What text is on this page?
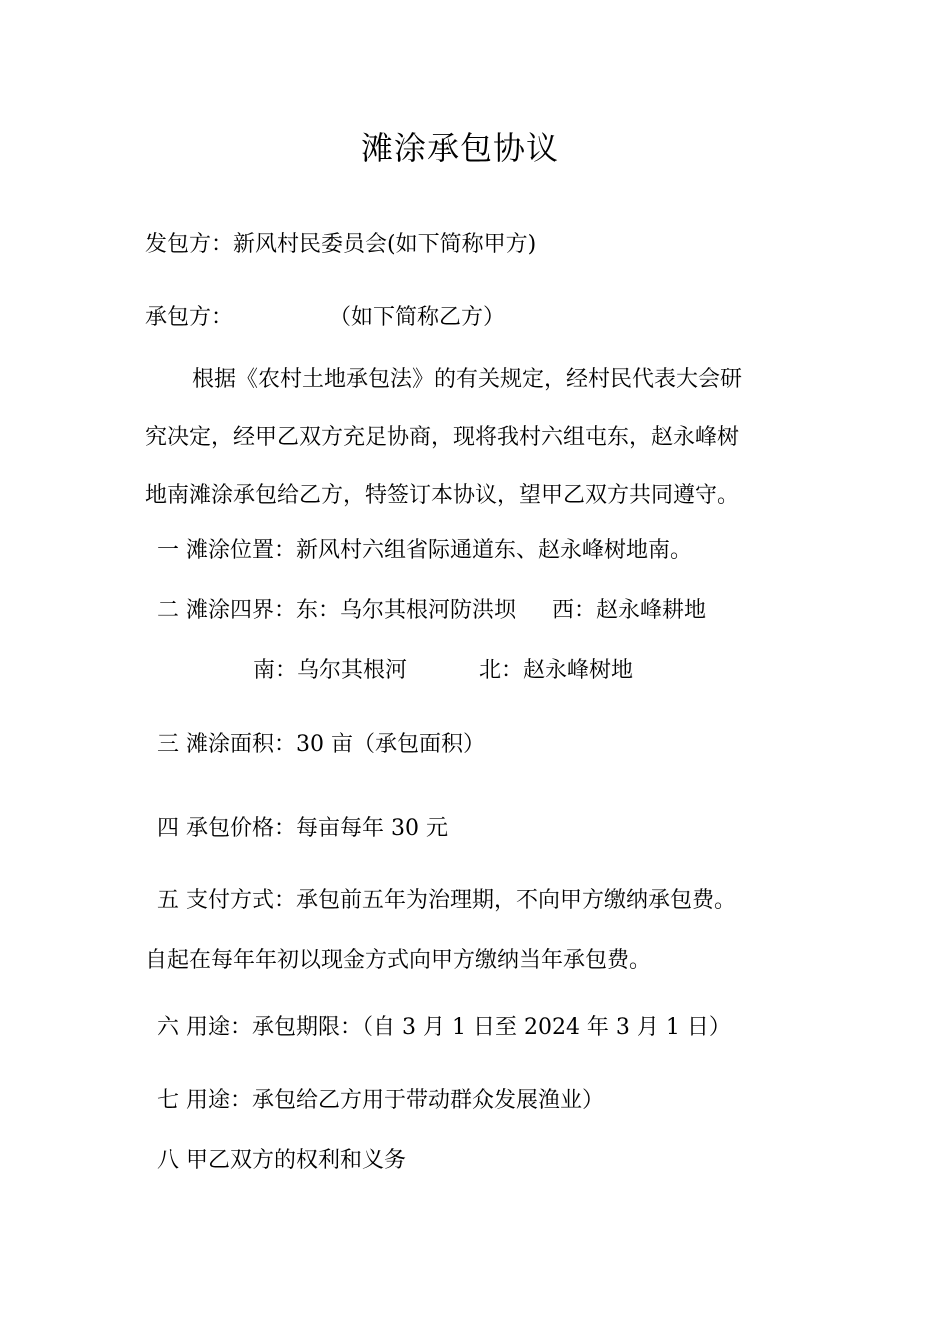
滩涂承包协议
发包方：新风村民委员会(如下简称甲方)
承包方：	（如下简称乙方）
根据《农村土地承包法》的有关规定，经村民代表大会研
究决定，经甲乙双方充足协商，现将我村六组屯东，赵永峰树
地南滩涂承包给乙方，特签订本协议，望甲乙双方共同遵守。
一 滩涂位置：新风村六组省际通道东、赵永峰树地南。
二 滩涂四界：东：乌尔其根河防洪坝 西：赵永峰耕地
南：乌尔其根河	北：赵永峰树地
三 滩涂面积：30 亩（承包面积）
四 承包价格：每亩每年 30 元
五 支付方式：承包前五年为治理期，不向甲方缴纳承包费。
自起在每年年初以现金方式向甲方缴纳当年承包费。
六 用途：承包期限：（自 3 月 1 日至 2024 年 3 月 1 日）
七 用途：承包给乙方用于带动群众发展渔业）
八 甲乙双方的权利和义务
